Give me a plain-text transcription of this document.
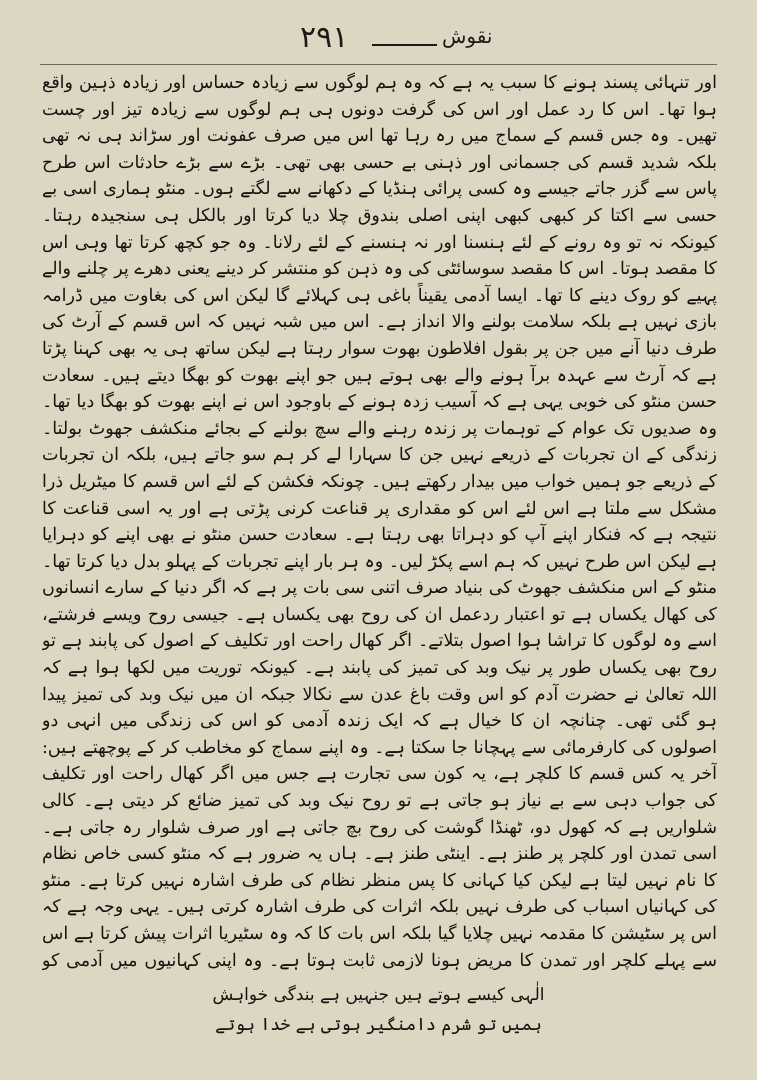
۲۹۱	نقوش

اور تنہائی پسند ہونے کا سبب یہ ہے کہ وہ ہم لوگوں سے زیادہ حساس اور زیادہ ذہین واقع ہوا تھا۔ اس کا رد عمل اور اس کی گرفت دونوں ہی ہم لوگوں سے زیادہ تیز اور چست تھیں۔ وہ جس قسم کے سماج میں رہ رہا تھا اس میں صرف عفونت اور سڑاند ہی نہ تھی بلکہ شدید قسم کی جسمانی اور ذہنی بے حسی بھی تھی۔ بڑے سے بڑے حادثات اس طرح پاس سے گزر جاتے جیسے وہ کسی پرائی ہنڈیا کے دکھانے سے لگتے ہوں۔ منٹو ہماری اسی بے حسی سے اکتا کر کبھی کبھی اپنی اصلی بندوق چلا دیا کرتا اور بالکل ہی سنجیدہ رہتا۔ کیونکہ نہ تو وہ رونے کے لئے ہنسنا اور نہ ہنسنے کے لئے رلانا۔ وہ جو کچھ کرتا تھا وہی اس کا مقصد ہوتا۔ اس کا مقصد سوسائٹی کی وہ ذہن کو منتشر کر دینے یعنی دھرے پر چلنے والے پہیے کو روک دینے کا تھا۔ ایسا آدمی یقیناً باغی ہی کہلائے گا لیکن اس کی بغاوت میں ڈرامہ بازی نہیں ہے بلکہ سلامت بولنے والا انداز ہے۔ اس میں شبہ نہیں کہ اس قسم کے آرٹ کی طرف دنیا آنے میں جن پر بقول افلاطون بھوت سوار رہتا ہے لیکن ساتھ ہی یہ بھی کہنا پڑتا ہے کہ آرٹ سے عہدہ برآ ہونے والے بھی ہوتے ہیں جو اپنے بھوت کو بھگا دیتے ہیں۔ سعادت حسن منٹو کی خوبی یہی ہے کہ آسیب زدہ ہونے کے باوجود اس نے اپنے بھوت کو بھگا دیا تھا۔ وہ صدیوں تک عوام کے توہمات پر زندہ رہنے والے سچ بولنے کے بجائے منکشف جھوٹ بولتا۔ زندگی کے ان تجربات کے ذریعے نہیں جن کا سہارا لے کر ہم سو جاتے ہیں، بلکہ ان تجربات کے ذریعے جو ہمیں خواب میں بیدار رکھتے ہیں۔ چونکہ فکشن کے لئے اس قسم کا میٹریل ذرا مشکل سے ملتا ہے اس لئے اس کو مقداری پر قناعت کرنی پڑتی ہے اور یہ اسی قناعت کا نتیجہ ہے کہ فنکار اپنے آپ کو دہراتا بھی رہتا ہے۔ سعادت حسن منٹو نے بھی اپنے کو دہرایا ہے لیکن اس طرح نہیں کہ ہم اسے پکڑ لیں۔ وہ ہر بار اپنے تجربات کے پہلو بدل دیا کرتا تھا۔ منٹو کے اس منکشف جھوٹ کی بنیاد صرف اتنی سی بات پر ہے کہ اگر دنیا کے سارے انسانوں کی کھال یکساں ہے تو اعتبار ردعمل ان کی روح بھی یکساں ہے۔ جیسی روح ویسے فرشتے، اسے وہ لوگوں کا تراشا ہوا اصول بتلاتے۔ اگر کھال راحت اور تکلیف کے اصول کی پابند ہے تو روح بھی یکساں طور پر نیک وبد کی تمیز کی پابند ہے۔ کیونکہ توریت میں لکھا ہوا ہے کہ اللہ تعالیٰ نے حضرت آدم کو اس وقت باغ عدن سے نکالا جبکہ ان میں نیک وبد کی تمیز پیدا ہو گئی تھی۔ چنانچہ ان کا خیال ہے کہ ایک زندہ آدمی کو اس کی زندگی میں انہی دو اصولوں کی کارفرمائی سے پہچانا جا سکتا ہے۔ وہ اپنے سماج کو مخاطب کر کے پوچھتے ہیں: آخر یہ کس قسم کا کلچر ہے، یہ کون سی تجارت ہے جس میں اگر کھال راحت اور تکلیف کی جواب دہی سے بے نیاز ہو جاتی ہے تو روح نیک وبد کی تمیز ضائع کر دیتی ہے۔ کالی شلواریں ہے کہ کھول دو، ٹھنڈا گوشت کی روح بچ جاتی ہے اور صرف شلوار رہ جاتی ہے۔ اسی تمدن اور کلچر پر طنز ہے۔ اینٹی طنز ہے۔ ہاں یہ ضرور ہے کہ منٹو کسی خاص نظام کا نام نہیں لیتا ہے لیکن کیا کہانی کا پس منظر نظام کی طرف اشارہ نہیں کرتا ہے۔ منٹو کی کہانیاں اسباب کی طرف نہیں بلکہ اثرات کی طرف اشارہ کرتی ہیں۔ یہی وجہ ہے کہ اس پر سٹیشن کا مقدمہ نہیں چلایا گیا بلکہ اس بات کا کہ وہ سٹیریا اثرات پیش کرتا ہے اس سے پہلے کلچر اور تمدن کا مریض ہونا لازمی ثابت ہوتا ہے۔ وہ اپنی کہانیوں میں آدمی کو

الٰہی کیسے ہوتے ہیں جنہیں ہے بندگی خواہش
ہمیں تو شرم دامنگیر ہوتی ہے خدا ہوتے
